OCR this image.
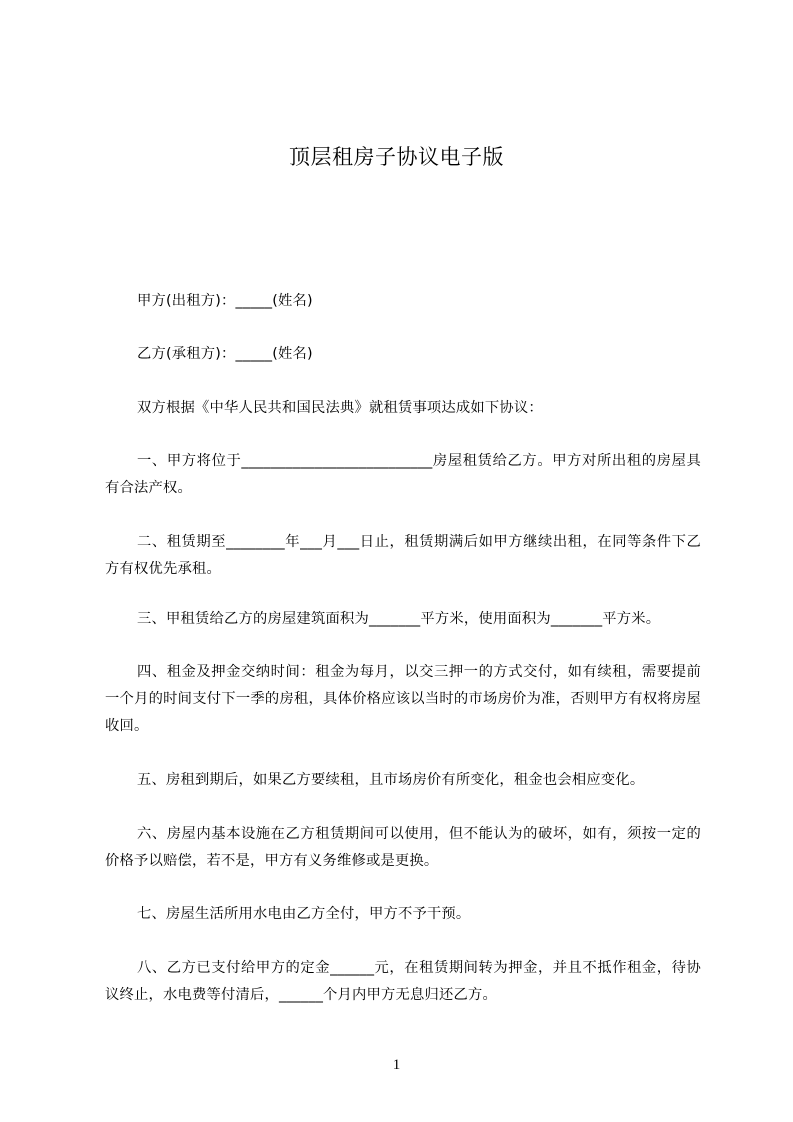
顶层租房子协议电子版

甲方(出租方)：_____(姓名)

乙方(承租方)：_____(姓名)

双方根据《中华人民共和国民法典》就租赁事项达成如下协议：

一、甲方将位于__________________________房屋租赁给乙方。甲方对所出租的房屋具有合法产权。

二、租赁期至________年___月___日止，租赁期满后如甲方继续出租，在同等条件下乙方有权优先承租。

三、甲租赁给乙方的房屋建筑面积为_______平方米，使用面积为_______平方米。

四、租金及押金交纳时间：租金为每月，以交三押一的方式交付，如有续租，需要提前一个月的时间支付下一季的房租，具体价格应该以当时的市场房价为准，否则甲方有权将房屋收回。

五、房租到期后，如果乙方要续租，且市场房价有所变化，租金也会相应变化。

六、房屋内基本设施在乙方租赁期间可以使用，但不能认为的破坏，如有，须按一定的价格予以赔偿，若不是，甲方有义务维修或是更换。

七、房屋生活所用水电由乙方全付，甲方不予干预。

八、乙方已支付给甲方的定金______元，在租赁期间转为押金，并且不抵作租金，待协议终止，水电费等付清后，______个月内甲方无息归还乙方。

1
